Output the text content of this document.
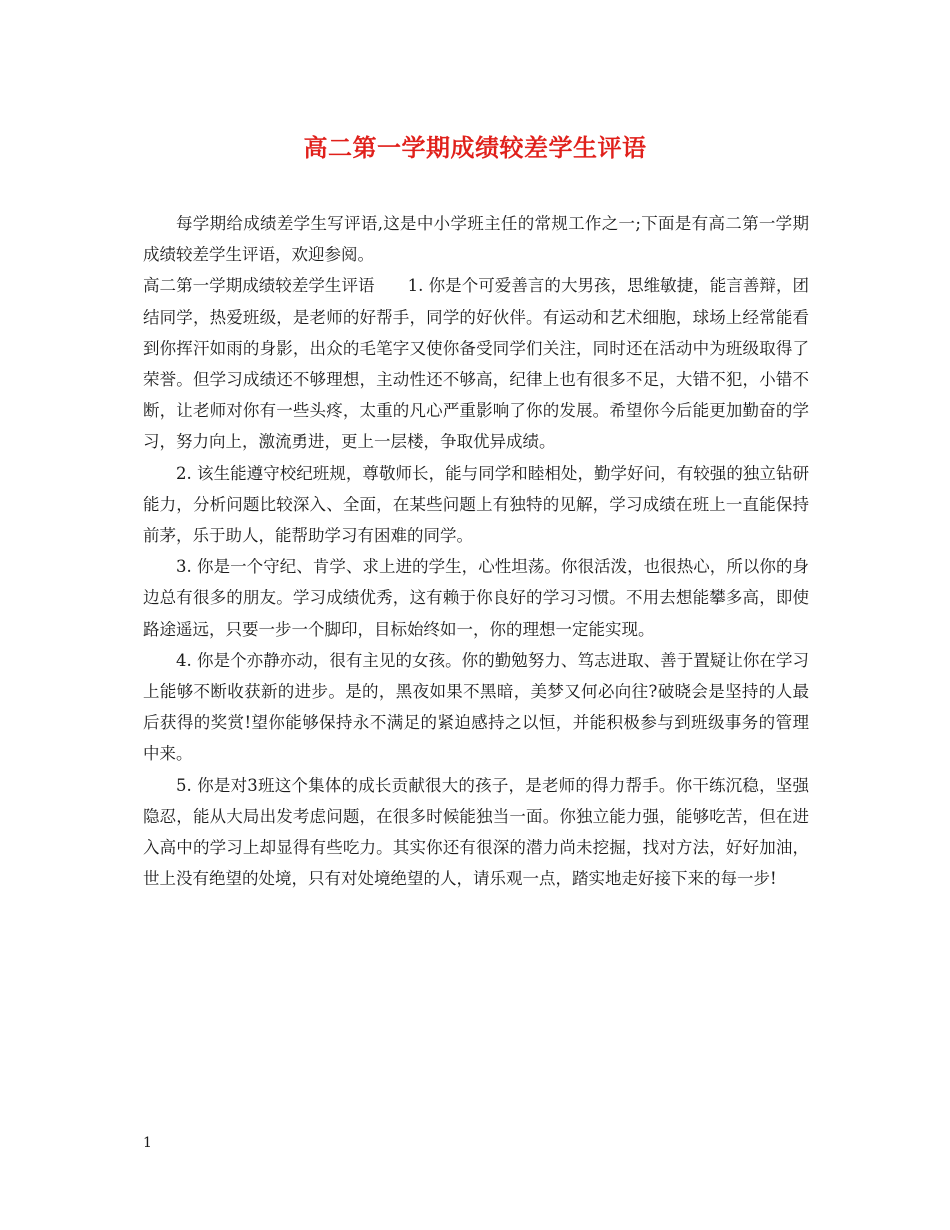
高二第一学期成绩较差学生评语

每学期给成绩差学生写评语,这是中小学班主任的常规工作之一;下面是有高二第一学期成绩较差学生评语，欢迎参阅。

高二第一学期成绩较差学生评语　　1. 你是个可爱善言的大男孩，思维敏捷，能言善辩，团结同学，热爱班级，是老师的好帮手，同学的好伙伴。有运动和艺术细胞，球场上经常能看到你挥汗如雨的身影，出众的毛笔字又使你备受同学们关注，同时还在活动中为班级取得了荣誉。但学习成绩还不够理想，主动性还不够高，纪律上也有很多不足，大错不犯，小错不断，让老师对你有一些头疼，太重的凡心严重影响了你的发展。希望你今后能更加勤奋的学习，努力向上，激流勇进，更上一层楼，争取优异成绩。

2. 该生能遵守校纪班规，尊敬师长，能与同学和睦相处，勤学好问，有较强的独立钻研能力，分析问题比较深入、全面，在某些问题上有独特的见解，学习成绩在班上一直能保持前茅，乐于助人，能帮助学习有困难的同学。

3. 你是一个守纪、肯学、求上进的学生，心性坦荡。你很活泼，也很热心，所以你的身边总有很多的朋友。学习成绩优秀，这有赖于你良好的学习习惯。不用去想能攀多高，即使路途遥远，只要一步一个脚印，目标始终如一，你的理想一定能实现。

4. 你是个亦静亦动，很有主见的女孩。你的勤勉努力、笃志进取、善于置疑让你在学习上能够不断收获新的进步。是的，黑夜如果不黑暗，美梦又何必向往?破晓会是坚持的人最后获得的奖赏!望你能够保持永不满足的紧迫感持之以恒，并能积极参与到班级事务的管理中来。

5. 你是对3班这个集体的成长贡献很大的孩子，是老师的得力帮手。你干练沉稳，坚强隐忍，能从大局出发考虑问题，在很多时候能独当一面。你独立能力强，能够吃苦，但在进入高中的学习上却显得有些吃力。其实你还有很深的潜力尚未挖掘，找对方法，好好加油，世上没有绝望的处境，只有对处境绝望的人，请乐观一点，踏实地走好接下来的每一步!

1
